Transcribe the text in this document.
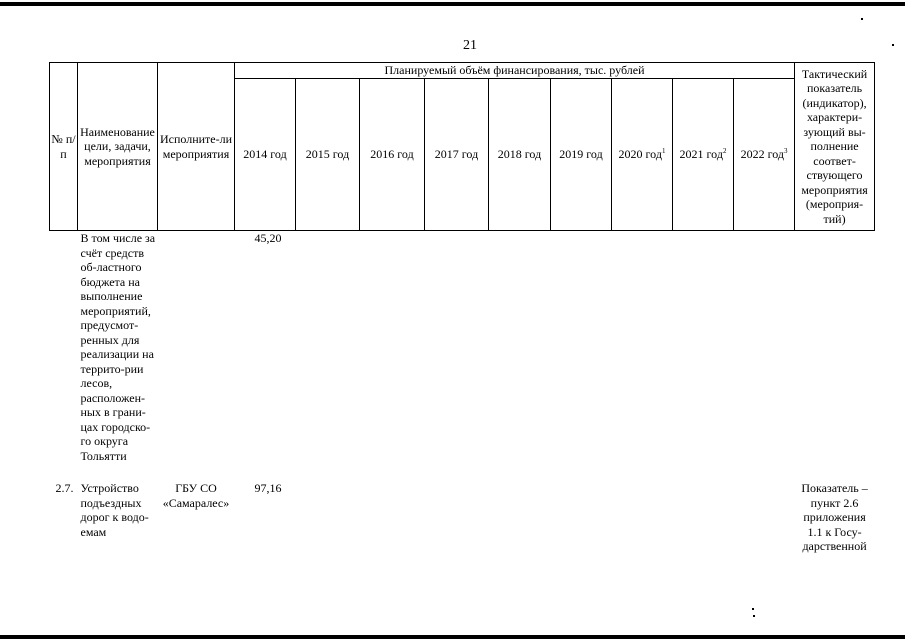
21
№ п/п	Наименование цели, задачи, мероприятия	Исполните-ли мероприятия	Планируемый объём финансирования, тыс. рублей									Тактический показатель (индикатор), характери-зующий вы-полнение соответ-ствующего мероприятия (мероприя-тий)
			2014 год	2015 год	2016 год	2017 год	2018 год	2019 год	2020 год$^1$	2021 год$^2$	2022 год$^3$
	В том числе за счёт средств об-ластного бюджета на выполнение мероприятий, предусмот-ренных для реализации на террито-рии лесов, расположен-ных в грани-цах городско-го округа Тольятти		45,20									
2.7.	Устройство подъездных дорог к водо-емам	ГБУ СО «Самаралес»	97,16									Показатель – пункт 2.6 приложения 1.1 к Госу-дарственной
